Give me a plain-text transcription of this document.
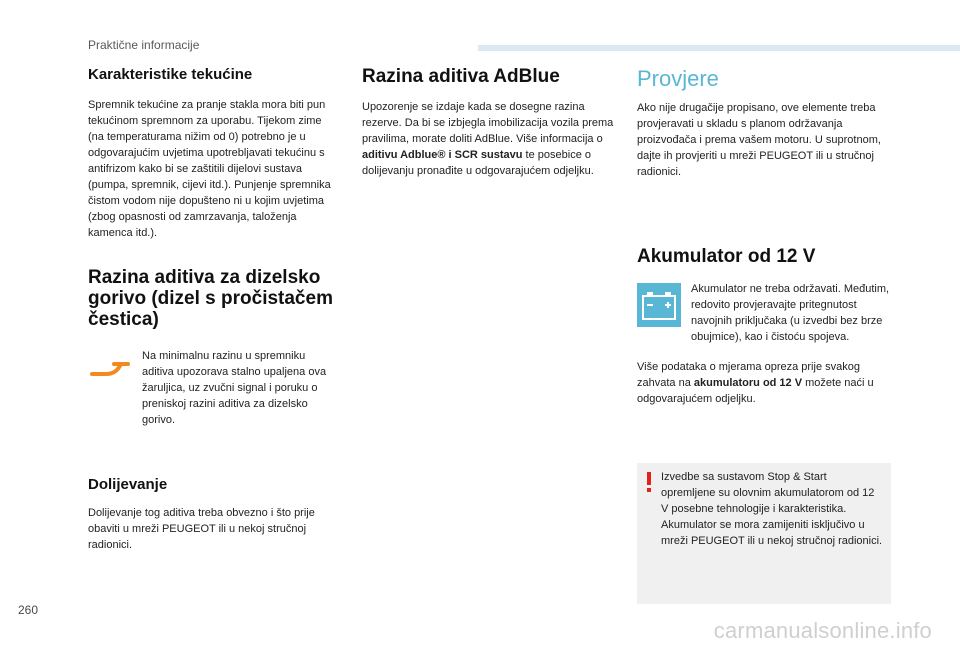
Praktične informacije
Karakteristike tekućine

Spremnik tekućine za pranje stakla mora biti pun tekućinom spremnom za uporabu. Tijekom zime (na temperaturama nižim od 0) potrebno je u odgovarajućim uvjetima upotrebljavati tekućinu s antifrizom kako bi se zaštitili dijelovi sustava (pumpa, spremnik, cijevi itd.). Punjenje spremnika čistom vodom nije dopušteno ni u kojim uvjetima (zbog opasnosti od zamrzavanja, taloženja kamenca itd.).

Razina aditiva za dizelsko gorivo (dizel s pročistačem čestica)

Na minimalnu razinu u spremniku aditiva upozorava stalno upaljena ova žaruljica, uz zvučni signal i poruku o preniskoj razini aditiva za dizelsko gorivo.

Dolijevanje

Dolijevanje tog aditiva treba obvezno i što prije obaviti u mreži PEUGEOT ili u nekoj stručnoj radionici.

Razina aditiva AdBlue

Upozorenje se izdaje kada se dosegne razina rezerve. Da bi se izbjegla imobilizacija vozila prema pravilima, morate doliti AdBlue. Više informacija o aditivu Adblue® i SCR sustavu te posebice o dolijevanju pronađite u odgovarajućem odjeljku.

Provjere

Ako nije drugačije propisano, ove elemente treba provjeravati u skladu s planom održavanja proizvođača i prema vašem motoru. U suprotnom, dajte ih provjeriti u mreži PEUGEOT ili u stručnoj radionici.

Akumulator od 12 V

Akumulator ne treba održavati. Međutim, redovito provjeravajte pritegnutost navojnih priključaka (u izvedbi bez brze obujmice), kao i čistoću spojeva.

Više podataka o mjerama opreza prije svakog zahvata na akumulatoru od 12 V možete naći u odgovarajućem odjeljku.

Izvedbe sa sustavom Stop & Start opremljene su olovnim akumulatorom od 12 V posebne tehnologije i karakteristika. Akumulator se mora zamijeniti isključivo u mreži PEUGEOT ili u nekoj stručnoj radionici.

260
carmanualsonline.info
